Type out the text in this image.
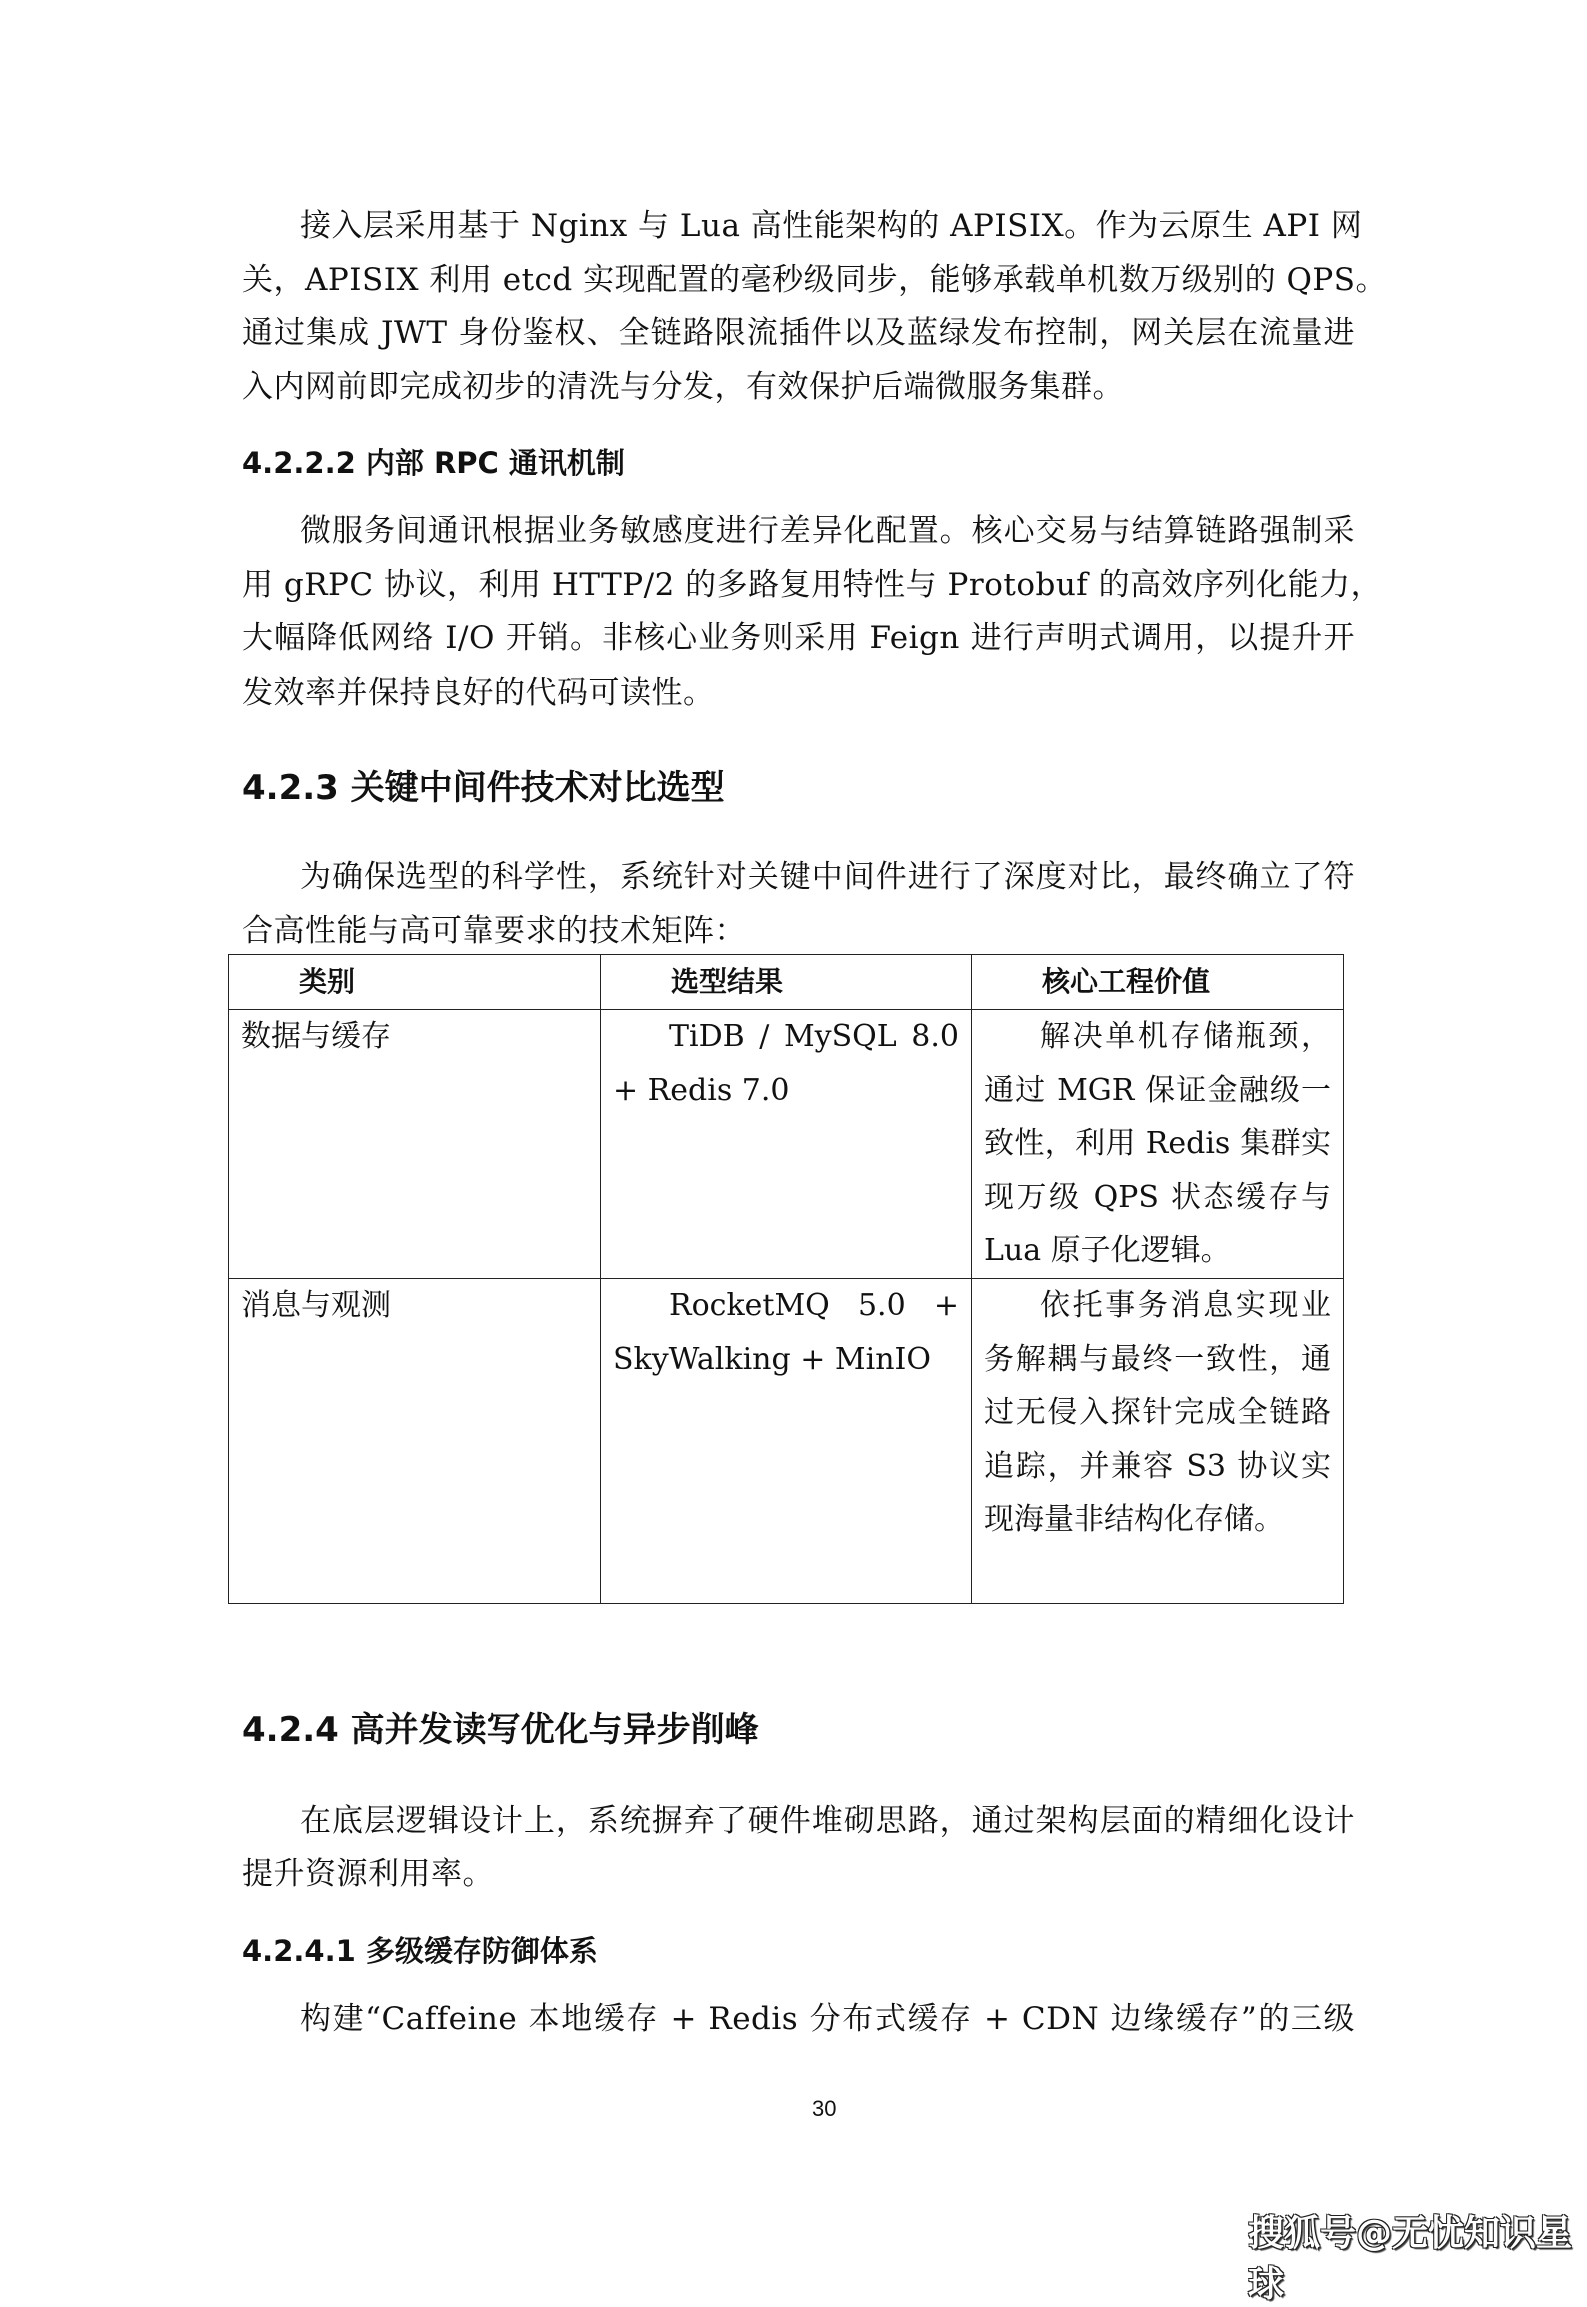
接入层采用基于 Nginx 与 Lua 高性能架构的 APISIX。作为云原生 API 网
关，APISIX 利用 etcd 实现配置的毫秒级同步，能够承载单机数万级别的 QPS。
通过集成 JWT 身份鉴权、全链路限流插件以及蓝绿发布控制，网关层在流量进
入内网前即完成初步的清洗与分发，有效保护后端微服务集群。
4.2.2.2 内部 RPC 通讯机制
微服务间通讯根据业务敏感度进行差异化配置。核心交易与结算链路强制采
用 gRPC 协议，利用 HTTP/2 的多路复用特性与 Protobuf 的高效序列化能力，
大幅降低网络 I/O 开销。非核心业务则采用 Feign 进行声明式调用，以提升开
发效率并保持良好的代码可读性。
4.2.3 关键中间件技术对比选型
为确保选型的科学性，系统针对关键中间件进行了深度对比，最终确立了符
合高性能与高可靠要求的技术矩阵：
类别	选型结果	核心工程价值
数据与缓存	TiDB / MySQL 8.0 + Redis 7.0	解决单机存储瓶颈，通过 MGR 保证金融级一致性，利用 Redis 集群实现万级 QPS 状态缓存与 Lua 原子化逻辑。

消息与观测	RocketMQ 5.0 + SkyWalking + MinIO	依托事务消息实现业务解耦与最终一致性，通过无侵入探针完成全链路追踪，并兼容 S3 协议实现海量非结构化存储。
4.2.4 高并发读写优化与异步削峰
在底层逻辑设计上，系统摒弃了硬件堆砌思路，通过架构层面的精细化设计
提升资源利用率。
4.2.4.1 多级缓存防御体系
构建“Caffeine 本地缓存 + Redis 分布式缓存 + CDN 边缘缓存”的三级
30
搜狐号@无忧知识星球
